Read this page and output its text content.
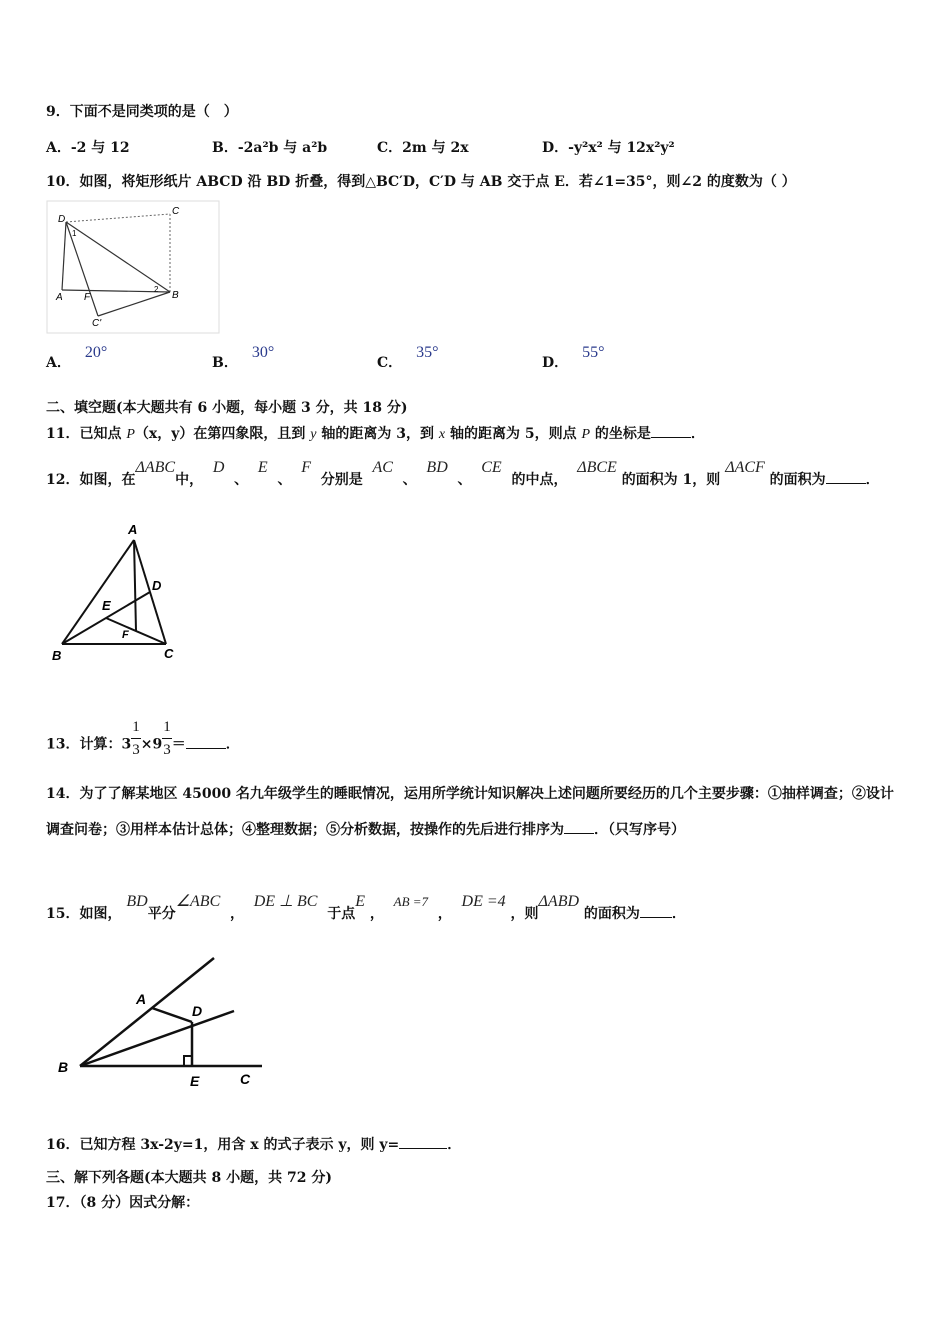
9．下面不是同类项的是（　）
A．-2 与 12	B．-2a²b 与 a²b	C．2m 与 2x	D．-y²x² 与 12x²y²
10．如图，将矩形纸片 ABCD 沿 BD 折叠，得到△BC′D，C′D 与 AB 交于点 E．若∠1=35°，则∠2 的度数为（ ）
D
C
A F	B
C'
1
2
A．20°
B．30°
C．35°
D．55°
二、填空题(本大题共有 6 小题，每小题 3 分，共 18 分)
11．已知点 P（x，y）在第四象限，且到 y 轴的距离为 3，到 x 轴的距离为 5，则点 P 的坐标是	．
12．如图，在ΔABC中，  D  、  E  、  F  分别是  AC  、  BD  、  CE  的中点，  ΔBCE 的面积为 1，则 ΔACF 的面积为	．
A
B	C
D
E
F
13．计算：$3 \frac{1}{3} \times 9 \frac{1}{3}$ ＝	．
14．为了了解某地区 45000 名九年级学生的睡眠情况，运用所学统计知识解决上述问题所要经历的几个主要步骤：①抽样调查；②设计调查问卷；③用样本估计总体；④整理数据；⑤分析数据，按操作的先后进行排序为 ．（只写序号）
15．如图， BD平分∠ABC  ，  DE ⊥ BC  于点E ，  AB =7  ，  DE =4 ，则ΔABD 的面积为 ．
A
B
C
D
E
16．已知方程 3x-2y=1，用含 x 的式子表示 y，则 y=	．
三、解下列各题(本大题共 8 小题，共 72 分)
17．（8 分）因式分解：
